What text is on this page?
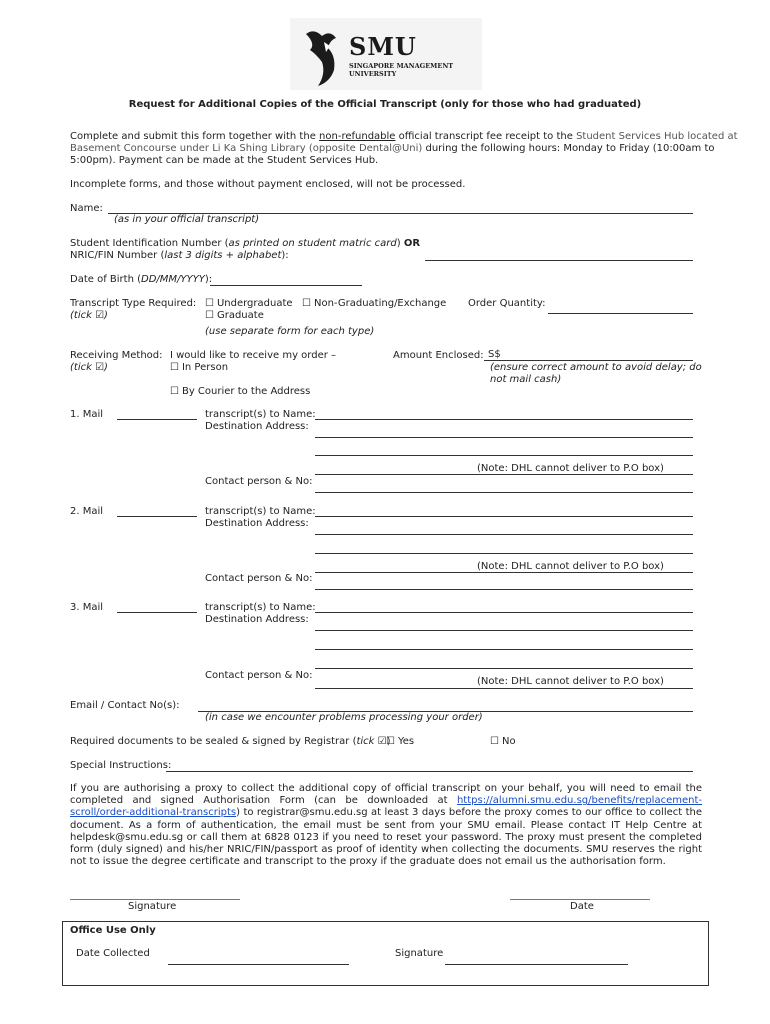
SMU
SINGAPORE MANAGEMENT
UNIVERSITY
Request for Additional Copies of the Official Transcript (only for those who had graduated)
Complete and submit this form together with the non-refundable official transcript fee receipt to the Student Services Hub located at
Basement Concourse under Li Ka Shing Library (opposite Dental@Uni) during the following hours: Monday to Friday (10:00am to
5:00pm). Payment can be made at the Student Services Hub.
Incomplete forms, and those without payment enclosed, will not be processed.
Name:
(as in your official transcript)
Student Identification Number (as printed on student matric card) OR
NRIC/FIN Number (last 3 digits + alphabet):
Date of Birth (DD/MM/YYYY):
Transcript Type Required:
(tick ☑)
☐ Undergraduate	☐ Non-Graduating/Exchange
☐ Graduate
(use separate form for each type)
Order Quantity:
Receiving Method:
(tick ☑)
I would like to receive my order –
☐ In Person
☐ By Courier to the Address
Amount Enclosed: S$
(ensure correct amount to avoid delay; do
not mail cash)
1. Mail	transcript(s) to Name:
Destination Address:
(Note: DHL cannot deliver to P.O box)
Contact person & No:
2. Mail	transcript(s) to Name:
Destination Address:
(Note: DHL cannot deliver to P.O box)
Contact person & No:
3. Mail	transcript(s) to Name:
Destination Address:
Contact person & No:
(Note: DHL cannot deliver to P.O box)
Email / Contact No(s):
(in case we encounter problems processing your order)
Required documents to be sealed & signed by Registrar (tick ☑) ☐ Yes	☐ No
Special Instructions:
If you are authorising a proxy to collect the additional copy of official transcript on your behalf, you will need to email the completed and signed Authorisation Form (can be downloaded at https://alumni.smu.edu.sg/benefits/replacement-scroll/order-additional-transcripts) to registrar@smu.edu.sg at least 3 days before the proxy comes to our office to collect the document. As a form of authentication, the email must be sent from your SMU email. Please contact IT Help Centre at helpdesk@smu.edu.sg or call them at 6828 0123 if you need to reset your password. The proxy must present the completed form (duly signed) and his/her NRIC/FIN/passport as proof of identity when collecting the documents. SMU reserves the right not to issue the degree certificate and transcript to the proxy if the graduate does not email us the authorisation form.
Signature	Date
Office Use Only
Date Collected	Signature
